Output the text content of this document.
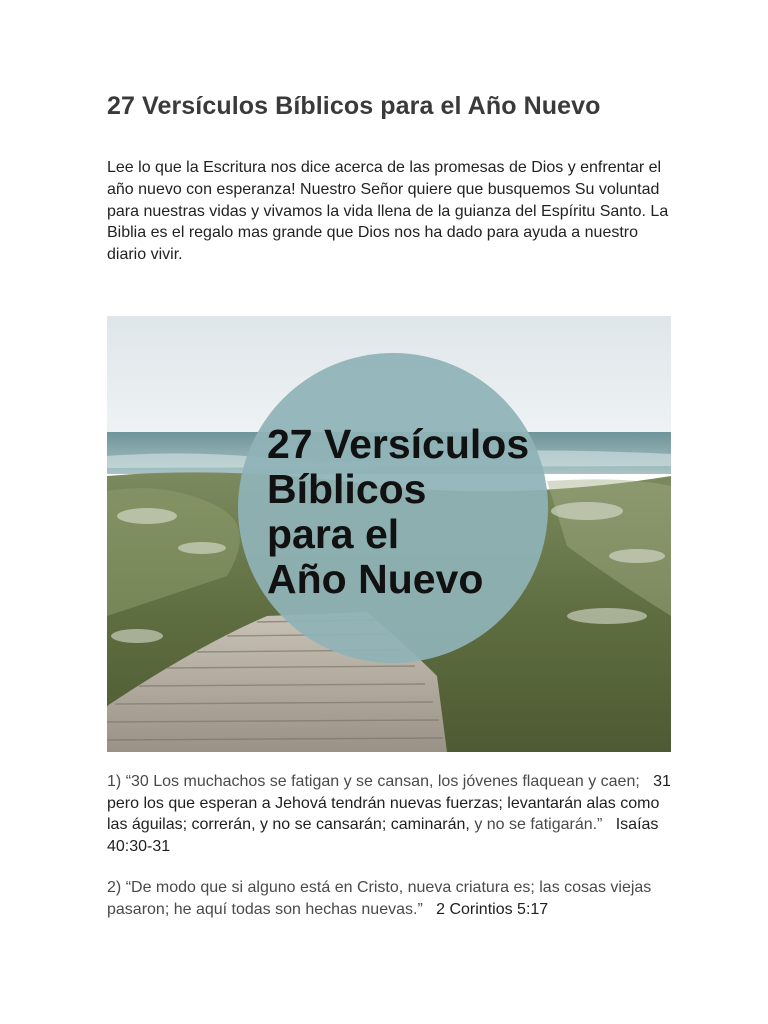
27 Versículos Bíblicos para el Año Nuevo

Lee lo que la Escritura nos dice acerca de las promesas de Dios y enfrentar el año nuevo con esperanza! Nuestro Señor quiere que busquemos Su voluntad para nuestras vidas y vivamos la vida llena de la guianza del Espíritu Santo. La Biblia es el regalo mas grande que Dios nos ha dado para ayuda a nuestro diario vivir.

27 Versículos
Bíblicos
para el
Año Nuevo

1) “30 Los muchachos se fatigan y se cansan, los jóvenes flaquean y caen; 31 pero los que esperan a Jehová tendrán nuevas fuerzas; levantarán alas como las águilas; correrán, y no se cansarán; caminarán, y no se fatigarán.” Isaías 40:30-31

2) “De modo que si alguno está en Cristo, nueva criatura es; las cosas viejas pasaron; he aquí todas son hechas nuevas.” 2 Corintios 5:17
